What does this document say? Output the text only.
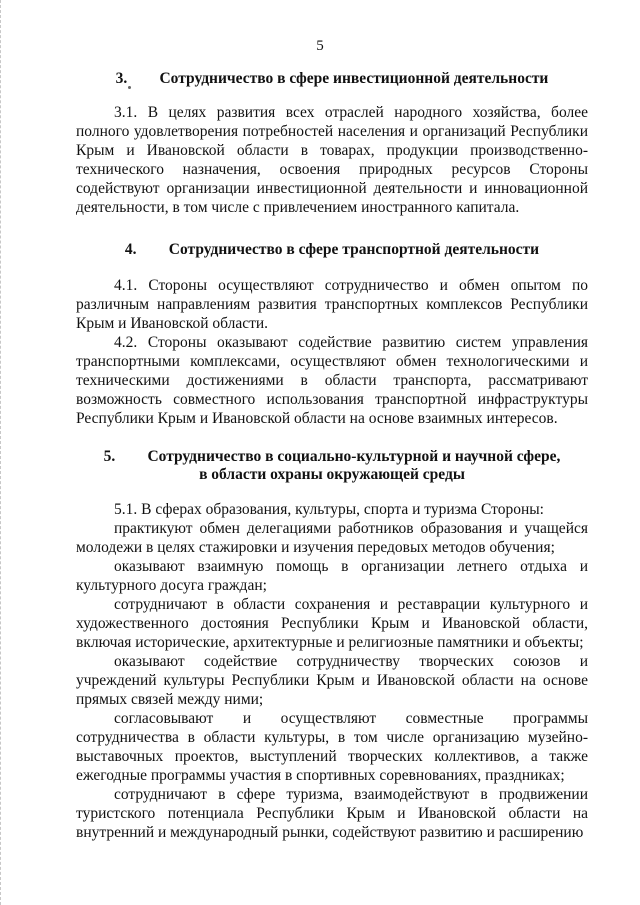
5
3. Сотрудничество в сфере инвестиционной деятельности

3.1. В целях развития всех отраслей народного хозяйства, более полного удовлетворения потребностей населения и организаций Республики Крым и Ивановской области в товарах, продукции производственно-технического назначения, освоения природных ресурсов Стороны содействуют организации инвестиционной деятельности и инновационной деятельности, в том числе с привлечением иностранного капитала.

4. Сотрудничество в сфере транспортной деятельности

4.1. Стороны осуществляют сотрудничество и обмен опытом по различным направлениям развития транспортных комплексов Республики Крым и Ивановской области.

4.2. Стороны оказывают содействие развитию систем управления транспортными комплексами, осуществляют обмен технологическими и техническими достижениями в области транспорта, рассматривают возможность совместного использования транспортной инфраструктуры Республики Крым и Ивановской области на основе взаимных интересов.

5. Сотрудничество в социально-культурной и научной сфере,
в области охраны окружающей среды

5.1. В сферах образования, культуры, спорта и туризма Стороны:

практикуют обмен делегациями работников образования и учащейся молодежи в целях стажировки и изучения передовых методов обучения;

оказывают взаимную помощь в организации летнего отдыха и культурного досуга граждан;

сотрудничают в области сохранения и реставрации культурного и художественного достояния Республики Крым и Ивановской области, включая исторические, архитектурные и религиозные памятники и объекты;

оказывают содействие сотрудничеству творческих союзов и учреждений культуры Республики Крым и Ивановской области на основе прямых связей между ними;

согласовывают и осуществляют совместные программы сотрудничества в области культуры, в том числе организацию музейно-выставочных проектов, выступлений творческих коллективов, а также ежегодные программы участия в спортивных соревнованиях, праздниках;

сотрудничают в сфере туризма, взаимодействуют в продвижении туристского потенциала Республики Крым и Ивановской области на внутренний и международный рынки, содействуют развитию и расширению
